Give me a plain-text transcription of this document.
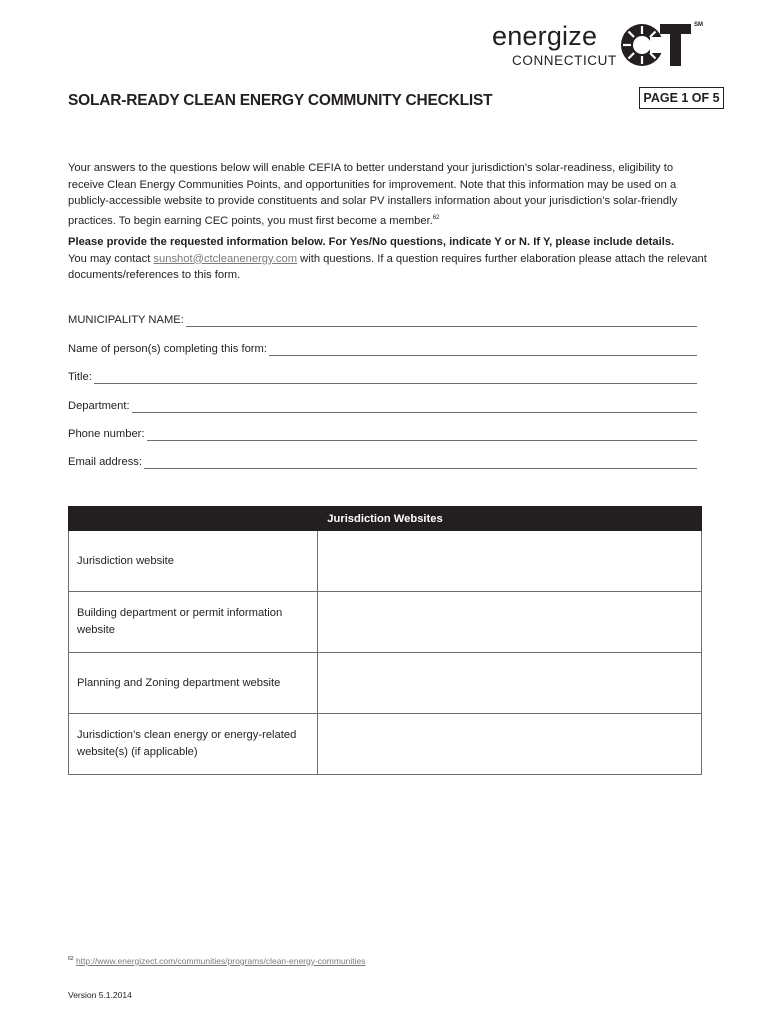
energize
CONNECTICUT
SM
SOLAR-READY CLEAN ENERGY COMMUNITY CHECKLIST	PAGE 1 OF 5
Your answers to the questions below will enable CEFIA to better understand your jurisdiction’s solar-readiness, eligibility to receive Clean Energy Communities Points, and opportunities for improvement. Note that this information may be used on a publicly-accessible website to provide constituents and solar PV installers information about your jurisdiction’s solar-friendly practices. To begin earning CEC points, you must first become a member.$^{62}$
Please provide the requested information below. For Yes/No questions, indicate Y or N. If Y, please include details.
You may contact sunshot@ctcleanenergy.com with questions. If a question requires further elaboration please attach the relevant documents/references to this form.
MUNICIPALITY NAME:
Name of person(s) completing this form:
Title:
Department:
Phone number:
Email address:
Jurisdiction Websites	
Jurisdiction website	
Building department or permit information website	
Planning and Zoning department website	
Jurisdiction’s clean energy or energy-related website(s) (if applicable)	
$^{62}$ http://www.energizect.com/communities/programs/clean-energy-communities
Version 5.1.2014
